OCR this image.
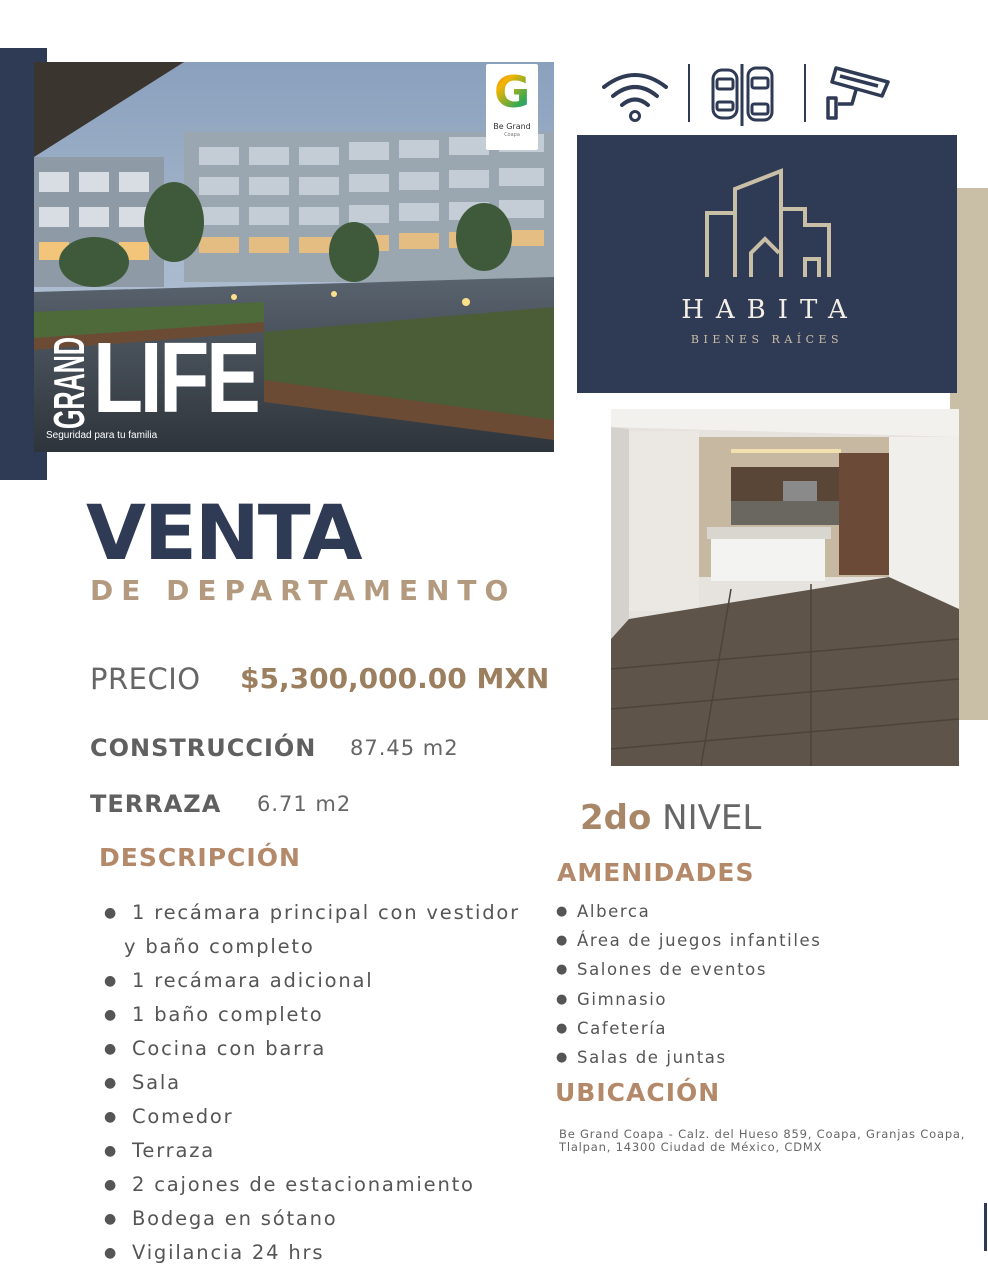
G
Be Grand
Coapa
GRAND LIFE
Seguridad para tu familia
HABITA
BIENES RAÍCES
VENTA
DE DEPARTAMENTO
PRECIO $5,300,000.00 MXN
CONSTRUCCIÓN 87.45 m2
TERRAZA 6.71 m2	2do NIVEL
DESCRIPCIÓN
● 1 recámara principal con vestidor
y baño completo
● 1 recámara adicional
● 1 baño completo
● Cocina con barra
● Sala
● Comedor
● Terraza
● 2 cajones de estacionamiento
● Bodega en sótano
● Vigilancia 24 hrs
AMENIDADES
● Alberca
● Área de juegos infantiles
● Salones de eventos
● Gimnasio
● Cafetería
● Salas de juntas
UBICACIÓN
Be Grand Coapa - Calz. del Hueso 859, Coapa, Granjas Coapa, Tlalpan, 14300 Ciudad de México, CDMX
